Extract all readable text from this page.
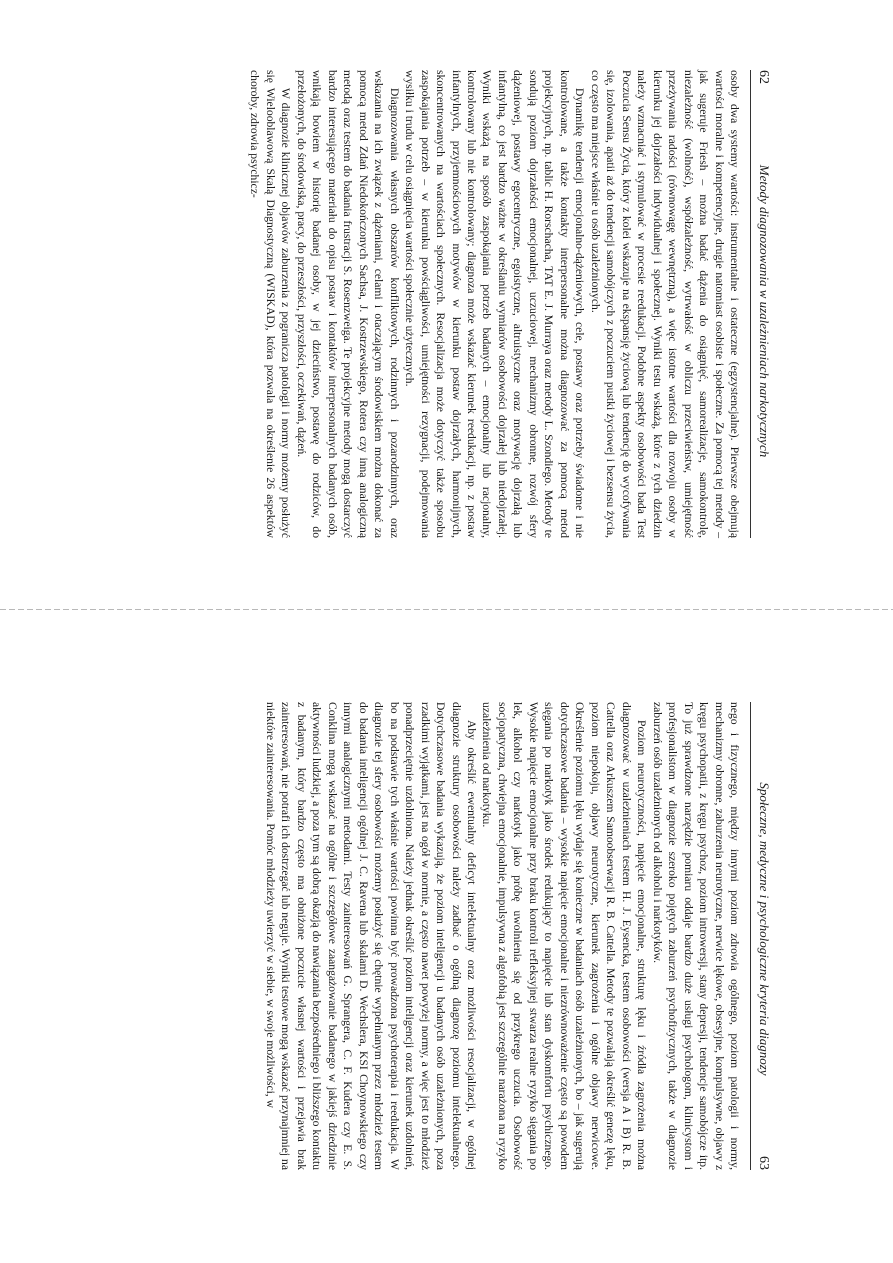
62
Metody diagnozowania w uzależnieniach narkotycznych

osoby dwa systemy wartości: instrumentalne i ostateczne (egzystencjalne). Pierwsze obejmują wartości moralne i kompetencyjne, drugie natomiast osobiste i społeczne. Za pomocą tej metody – jak sugeruje Friesh – można badać dążenia do osiągnięć, samorealizacje, samokontrolę, niezależność (wolność), współzależność, wytrwałość w obliczu przeciwieństw, umiejętność przeżywania radości (równowagę wewnętrzną), a więc istotne wartości dla rozwoju osoby w kierunku jej dojrzałości indywidualnej i społecznej. Wyniki testu wskażą, które z tych dziedzin należy wzmacniać i stymulować w procesie reedukacji. Podobne aspekty osobowości bada Test Poczucia Sensu Życia, który z kolei wskazuje na ekspansję życiową lub tendencję do wycofywania się, izolowania, apatii aż do tendencji samobójczych z poczuciem pustki życiowej i bezsensu życia, co często ma miejsce właśnie u osób uzależnionych.

Dynamikę tendencji emocjonalno-dążeniowych, cele, postawy oraz potrzeby świadome i nie kontrolowane, a także kontakty interpersonalne można diagnozować za pomocą metod projekcyjnych, np. tablic H. Rorschacha, TAT E. J. Murraya oraz metody L. Szondiego. Metody te sondują poziom dojrzałości emocjonalnej, uczuciowej, mechanizmy obronne, rozwój sfery dążeniowej, postawy egocentryczne, egoistyczne, altruistyczne oraz motywację dojrzałą lub infantylną, co jest bardzo ważne w określaniu wymiarów osobowości dojrzałej lub niedojrzałej. Wyniki wskażą na sposób zaspokajania potrzeb badanych – emocjonalny lub racjonalny, kontrolowany lub nie kontrolowany; diagnoza może wskazać kierunek reedukacji, np. z postaw infantylnych, przyjemnościowych motywów w kierunku postaw dojrzałych, harmonijnych, skoncentrowanych na wartościach społecznych. Resocjalizacja może dotyczyć także sposobu zaspokajania potrzeb – w kierunku powściągliwości, umiejętności rezygnacji, podejmowania wysiłku i trudu w celu osiągnięcia wartości społecznie użytecznych.

Diagnozowania własnych obszarów konfliktowych, rodzinnych i pozarodzinnych, oraz wskazania na ich związek z dążeniami, celami i otaczającym środowiskiem można dokonać za pomocą metod Zdań Niedokończonych Sachsa, J. Kostrzewskiego, Rotera czy inną analogiczną metodą oraz testem do badania frustracji S. Rosenzweiga. Te projekcyjne metody mogą dostarczyć bardzo interesującego materiału do opisu postaw i kontaktów interpersonalnych badanych osób, wnikają bowiem w historię badanej osoby, w jej dzieciństwo, postawę do rodziców, do przełożonych, do środowiska, pracy, do przeszłości, przyszłości, oczekiwań, dążeń.

W diagnozie klinicznej objawów zaburzenia z pogranicza patologii i normy możemy posłużyć się Wielooblawową Skalą Diagnostyczną (WISKAD), która pozwala na określenie 26 aspektów choroby, zdrowia psychicz-

Społeczne, medyczne i psychologiczne kryteria diagnozy
63

nego i fizycznego, między innymi poziom zdrowia ogólnego, poziom patologii i normy, mechanizmy obronne, zaburzenia neurotyczne, nerwice lękowe, obsesyjne, kompulsywne, objawy z kręgu psychopatii, z kręgu psychoz, poziom introwersji, stany depresji, tendencje samobójcze itp. To już sprawdzone narzędzie pomiaru oddaje bardzo duże usługi psychologom, klinicystom i profesjonalistom w diagnozie szeroko pojętych zaburzeń psychofizycznych, także w diagnozie zaburzeń osób uzależnionych od alkoholu i narkotyków.

Poziom neurotyczności, napięcie emocjonalne, strukturę lęku i źródła zagrożenia można diagnozować w uzależnieniach testem H. J. Eysencka, testem osobowości (wersja A i B) R. B. Cattella oraz Arkuszem Samoobserwacji R. B. Cattella. Metody te pozwalają określić genezę lęku, poziom niepokoju, objawy neurotyczne, kierunek zagrożenia i ogólne objawy nerwicowe. Określenie poziomu lęku wydaje się konieczne w badaniach osób uzależnionych, bo – jak sugerują dotychczasowe badania – wysokie napięcie emocjonalne i niezrównoważenie często są powodem sięgania po narkotyk jako środek redukujący to napięcie lub stan dyskomfortu psychicznego. Wysokie napięcie emocjonalne przy braku kontroli refleksyjnej stwarza realne ryzyko sięgania po lek, alkohol czy narkotyk jako próbę uwolnienia się od przykrego uczucia. Osobowość socjopatyczna, chwiejna emocjonalnie, impulsywna z algofobią jest szczególnie narażona na ryzyko uzależnienia od narkotyku.

Aby określić ewentualny deficyt intelektualny oraz możliwości resocjalizacji, w ogólnej diagnozie struktury osobowości należy zadbać o ogólną diagnozę poziomu intelektualnego. Dotychczasowe badania wykazują, że poziom inteligencji u badanych osób uzależnionych, poza rzadkimi wyjątkami, jest na ogół w normie, a często nawet powyżej normy, a więc jest to młodzież ponadprzeciętnie uzdolniona. Należy jednak określić poziom inteligencji oraz kierunek uzdolnień, bo na podstawie tych właśnie wartości powinna być prowadzona psychoterapia i reedukacja. W diagnozie tej sfery osobowości możemy posłużyć się chętnie wypełnianym przez młodzież testem do badania inteligencji ogólnej J. C. Ravena lub skalami D. Wechslera, KSI Choynowskiego czy innymi analogicznymi metodami. Testy zainteresowań G. Sprangera, C. F. Kudera czy E. S. Conklina mogą wskazać na ogólne i szczegółowe zaangażowanie badanego w jakiejś dziedzinie aktywności ludzkiej, a poza tym są dobrą okazją do nawiązania bezpośredniego i bliższego kontaktu z badanym, który bardzo często ma obniżone poczucie własnej wartości i przejawia brak zainteresowań, nie potrafi ich dostrzegać lub neguje. Wyniki testowe mogą wskazać przynajmniej na niektóre zainteresowania. Pomóc młodzieży uwierzyć w siebie, w swoje możliwości, w
